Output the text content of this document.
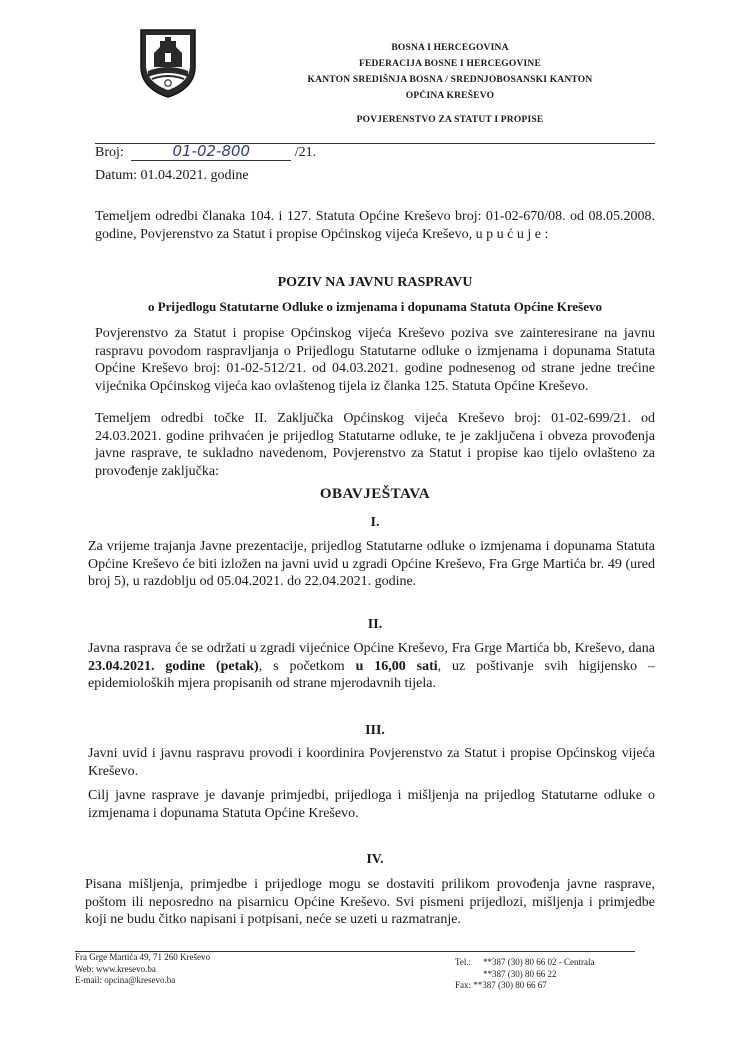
BOSNA I HERCEGOVINA
FEDERACIJA BOSNE I HERCEGOVINE
KANTON SREDIŠNJA BOSNA / SREDNJOBOSANSKI KANTON
OPĆINA KREŠEVO
POVJERENSTVO ZA STATUT I PROPISE
Broj:	01-02-800	/21.
Datum: 01.04.2021. godine
Temeljem odredbi članaka 104. i 127. Statuta Općine Kreševo broj: 01-02-670/08. od 08.05.2008. godine, Povjerenstvo za Statut i propise Općinskog vijeća Kreševo, u p u ć u j e :
POZIV NA JAVNU RASPRAVU
o Prijedlogu Statutarne Odluke o izmjenama i dopunama Statuta Općine Kreševo
Povjerenstvo za Statut i propise Općinskog vijeća Kreševo poziva sve zainteresirane na javnu raspravu povodom raspravljanja o Prijedlogu Statutarne odluke o izmjenama i dopunama Statuta Općine Kreševo broj: 01-02-512/21. od 04.03.2021. godine podnesenog od strane jedne trećine vijećnika Općinskog vijeća kao ovlaštenog tijela iz članka 125. Statuta Općine Kreševo.
Temeljem odredbi točke II. Zaključka Općinskog vijeća Kreševo broj: 01-02-699/21. od 24.03.2021. godine prihvaćen je prijedlog Statutarne odluke, te je zaključena i obveza provođenja javne rasprave, te sukladno navedenom, Povjerenstvo za Statut i propise kao tijelo ovlašteno za provođenje zaključka:
OBAVJEŠTAVA
I.
Za vrijeme trajanja Javne prezentacije, prijedlog Statutarne odluke o izmjenama i dopunama Statuta Općine Kreševo će biti izložen na javni uvid u zgradi Općine Kreševo, Fra Grge Martića br. 49 (ured broj 5), u razdoblju od 05.04.2021. do 22.04.2021. godine.
II.
Javna rasprava će se održati u zgradi vijećnice Općine Kreševo, Fra Grge Martića bb, Kreševo, dana 23.04.2021. godine (petak), s početkom u 16,00 sati, uz poštivanje svih higijensko – epidemioloških mjera propisanih od strane mjerodavnih tijela.
III.
Javni uvid i javnu raspravu provodi i koordinira Povjerenstvo za Statut i propise Općinskog vijeća Kreševo.
Cilj javne rasprave je davanje primjedbi, prijedloga i mišljenja na prijedlog Statutarne odluke o izmjenama i dopunama Statuta Općine Kreševo.
IV.
Pisana mišljenja, primjedbe i prijedloge mogu se dostaviti prilikom provođenja javne rasprave, poštom ili neposredno na pisarnicu Općine Kreševo. Svi pismeni prijedlozi, mišljenja i primjedbe koji ne budu čitko napisani i potpisani, neće se uzeti u razmatranje.
Fra Grge Martića 49, 71 260 Kreševo
Web: www.kresevo.ba
E-mail: opcina@kresevo.ba
Tel.: **387 (30) 80 66 02 - Centrala
**387 (30) 80 66 22
Fax: **387 (30) 80 66 67
